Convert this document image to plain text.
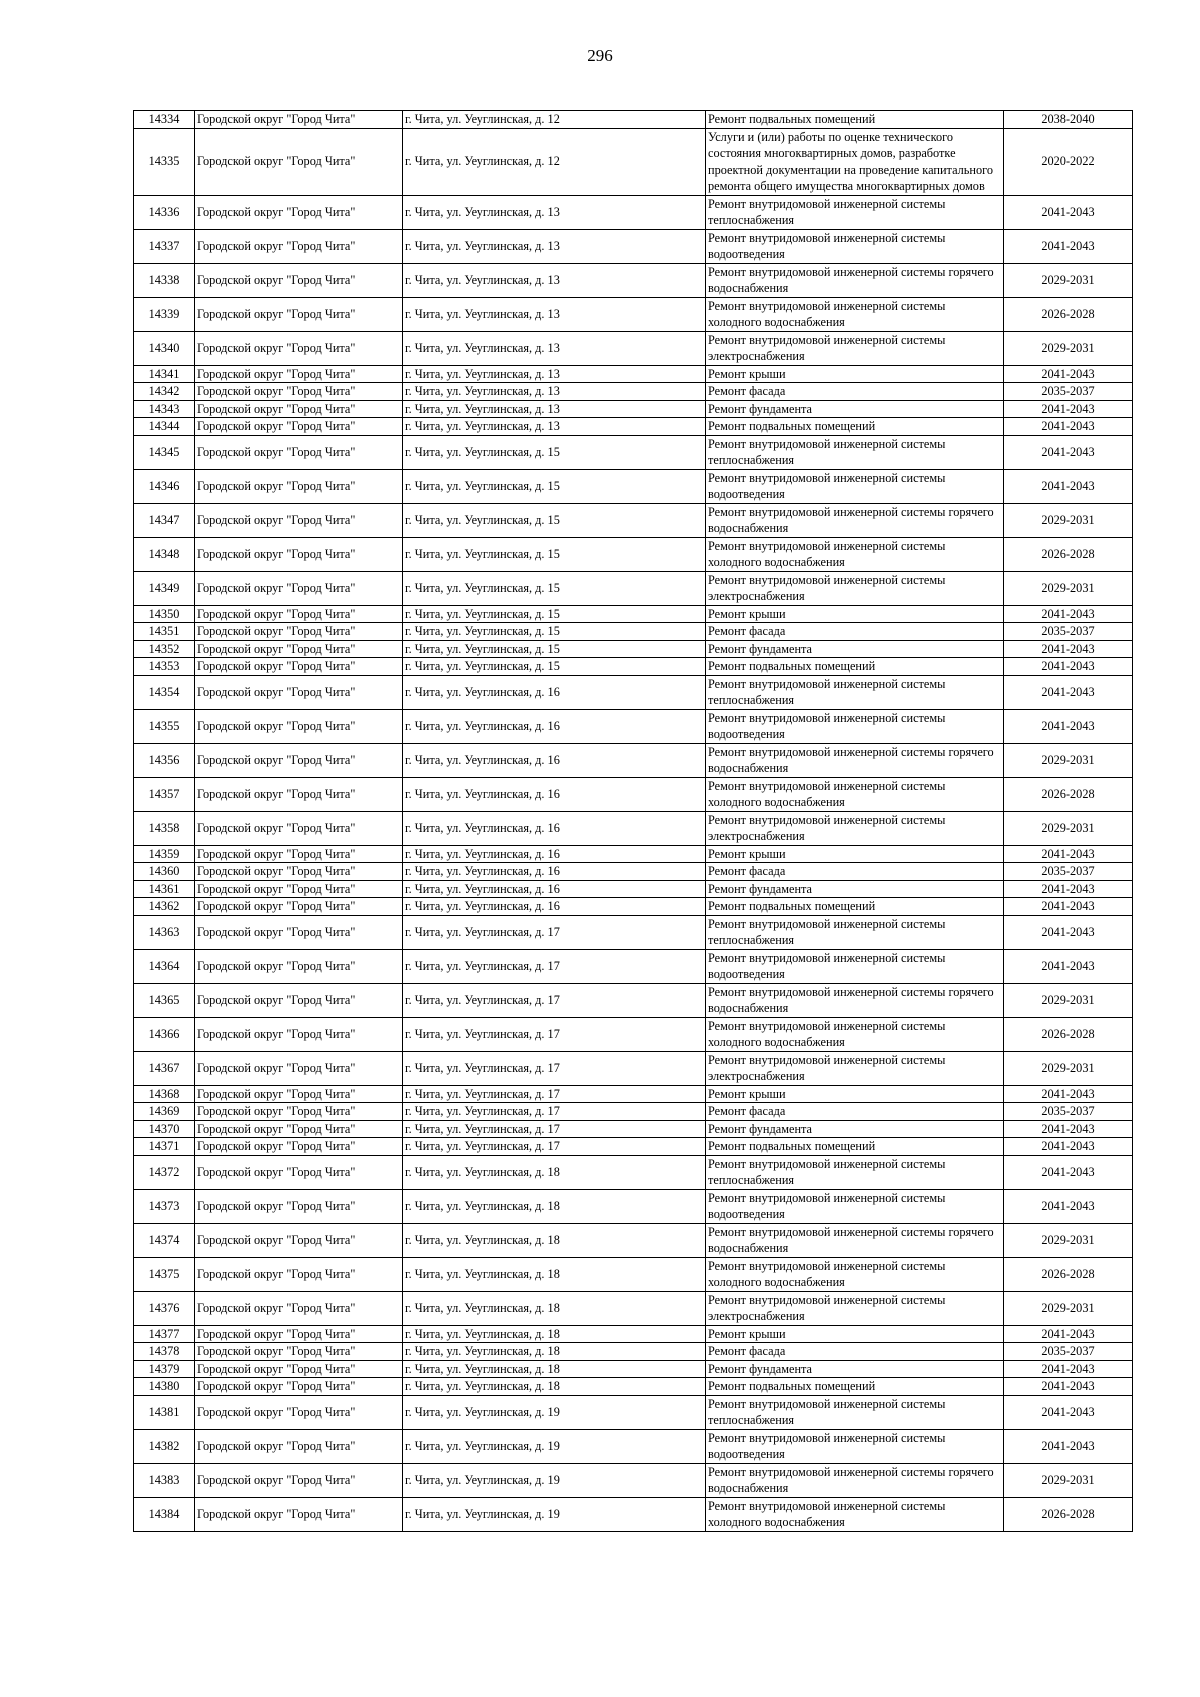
296
14334	Городской округ "Город Чита"	г. Чита, ул. Уеуглинская, д. 12	Ремонт подвальных помещений	2038-2040
14335	Городской округ "Город Чита"	г. Чита, ул. Уеуглинская, д. 12	Услуги и (или) работы по оценке технического состояния многоквартирных домов, разработке проектной документации на проведение капитального ремонта общего имущества многоквартирных домов	2020-2022
14336	Городской округ "Город Чита"	г. Чита, ул. Уеуглинская, д. 13	Ремонт внутридомовой инженерной системы теплоснабжения	2041-2043
14337	Городской округ "Город Чита"	г. Чита, ул. Уеуглинская, д. 13	Ремонт внутридомовой инженерной системы водоотведения	2041-2043
14338	Городской округ "Город Чита"	г. Чита, ул. Уеуглинская, д. 13	Ремонт внутридомовой инженерной системы горячего водоснабжения	2029-2031
14339	Городской округ "Город Чита"	г. Чита, ул. Уеуглинская, д. 13	Ремонт внутридомовой инженерной системы холодного водоснабжения	2026-2028
14340	Городской округ "Город Чита"	г. Чита, ул. Уеуглинская, д. 13	Ремонт внутридомовой инженерной системы электроснабжения	2029-2031
14341	Городской округ "Город Чита"	г. Чита, ул. Уеуглинская, д. 13	Ремонт крыши	2041-2043
14342	Городской округ "Город Чита"	г. Чита, ул. Уеуглинская, д. 13	Ремонт фасада	2035-2037
14343	Городской округ "Город Чита"	г. Чита, ул. Уеуглинская, д. 13	Ремонт фундамента	2041-2043
14344	Городской округ "Город Чита"	г. Чита, ул. Уеуглинская, д. 13	Ремонт подвальных помещений	2041-2043
14345	Городской округ "Город Чита"	г. Чита, ул. Уеуглинская, д. 15	Ремонт внутридомовой инженерной системы теплоснабжения	2041-2043
14346	Городской округ "Город Чита"	г. Чита, ул. Уеуглинская, д. 15	Ремонт внутридомовой инженерной системы водоотведения	2041-2043
14347	Городской округ "Город Чита"	г. Чита, ул. Уеуглинская, д. 15	Ремонт внутридомовой инженерной системы горячего водоснабжения	2029-2031
14348	Городской округ "Город Чита"	г. Чита, ул. Уеуглинская, д. 15	Ремонт внутридомовой инженерной системы холодного водоснабжения	2026-2028
14349	Городской округ "Город Чита"	г. Чита, ул. Уеуглинская, д. 15	Ремонт внутридомовой инженерной системы электроснабжения	2029-2031
14350	Городской округ "Город Чита"	г. Чита, ул. Уеуглинская, д. 15	Ремонт крыши	2041-2043
14351	Городской округ "Город Чита"	г. Чита, ул. Уеуглинская, д. 15	Ремонт фасада	2035-2037
14352	Городской округ "Город Чита"	г. Чита, ул. Уеуглинская, д. 15	Ремонт фундамента	2041-2043
14353	Городской округ "Город Чита"	г. Чита, ул. Уеуглинская, д. 15	Ремонт подвальных помещений	2041-2043
14354	Городской округ "Город Чита"	г. Чита, ул. Уеуглинская, д. 16	Ремонт внутридомовой инженерной системы теплоснабжения	2041-2043
14355	Городской округ "Город Чита"	г. Чита, ул. Уеуглинская, д. 16	Ремонт внутридомовой инженерной системы водоотведения	2041-2043
14356	Городской округ "Город Чита"	г. Чита, ул. Уеуглинская, д. 16	Ремонт внутридомовой инженерной системы горячего водоснабжения	2029-2031
14357	Городской округ "Город Чита"	г. Чита, ул. Уеуглинская, д. 16	Ремонт внутридомовой инженерной системы холодного водоснабжения	2026-2028
14358	Городской округ "Город Чита"	г. Чита, ул. Уеуглинская, д. 16	Ремонт внутридомовой инженерной системы электроснабжения	2029-2031
14359	Городской округ "Город Чита"	г. Чита, ул. Уеуглинская, д. 16	Ремонт крыши	2041-2043
14360	Городской округ "Город Чита"	г. Чита, ул. Уеуглинская, д. 16	Ремонт фасада	2035-2037
14361	Городской округ "Город Чита"	г. Чита, ул. Уеуглинская, д. 16	Ремонт фундамента	2041-2043
14362	Городской округ "Город Чита"	г. Чита, ул. Уеуглинская, д. 16	Ремонт подвальных помещений	2041-2043
14363	Городской округ "Город Чита"	г. Чита, ул. Уеуглинская, д. 17	Ремонт внутридомовой инженерной системы теплоснабжения	2041-2043
14364	Городской округ "Город Чита"	г. Чита, ул. Уеуглинская, д. 17	Ремонт внутридомовой инженерной системы водоотведения	2041-2043
14365	Городской округ "Город Чита"	г. Чита, ул. Уеуглинская, д. 17	Ремонт внутридомовой инженерной системы горячего водоснабжения	2029-2031
14366	Городской округ "Город Чита"	г. Чита, ул. Уеуглинская, д. 17	Ремонт внутридомовой инженерной системы холодного водоснабжения	2026-2028
14367	Городской округ "Город Чита"	г. Чита, ул. Уеуглинская, д. 17	Ремонт внутридомовой инженерной системы электроснабжения	2029-2031
14368	Городской округ "Город Чита"	г. Чита, ул. Уеуглинская, д. 17	Ремонт крыши	2041-2043
14369	Городской округ "Город Чита"	г. Чита, ул. Уеуглинская, д. 17	Ремонт фасада	2035-2037
14370	Городской округ "Город Чита"	г. Чита, ул. Уеуглинская, д. 17	Ремонт фундамента	2041-2043
14371	Городской округ "Город Чита"	г. Чита, ул. Уеуглинская, д. 17	Ремонт подвальных помещений	2041-2043
14372	Городской округ "Город Чита"	г. Чита, ул. Уеуглинская, д. 18	Ремонт внутридомовой инженерной системы теплоснабжения	2041-2043
14373	Городской округ "Город Чита"	г. Чита, ул. Уеуглинская, д. 18	Ремонт внутридомовой инженерной системы водоотведения	2041-2043
14374	Городской округ "Город Чита"	г. Чита, ул. Уеуглинская, д. 18	Ремонт внутридомовой инженерной системы горячего водоснабжения	2029-2031
14375	Городской округ "Город Чита"	г. Чита, ул. Уеуглинская, д. 18	Ремонт внутридомовой инженерной системы холодного водоснабжения	2026-2028
14376	Городской округ "Город Чита"	г. Чита, ул. Уеуглинская, д. 18	Ремонт внутридомовой инженерной системы электроснабжения	2029-2031
14377	Городской округ "Город Чита"	г. Чита, ул. Уеуглинская, д. 18	Ремонт крыши	2041-2043
14378	Городской округ "Город Чита"	г. Чита, ул. Уеуглинская, д. 18	Ремонт фасада	2035-2037
14379	Городской округ "Город Чита"	г. Чита, ул. Уеуглинская, д. 18	Ремонт фундамента	2041-2043
14380	Городской округ "Город Чита"	г. Чита, ул. Уеуглинская, д. 18	Ремонт подвальных помещений	2041-2043
14381	Городской округ "Город Чита"	г. Чита, ул. Уеуглинская, д. 19	Ремонт внутридомовой инженерной системы теплоснабжения	2041-2043
14382	Городской округ "Город Чита"	г. Чита, ул. Уеуглинская, д. 19	Ремонт внутридомовой инженерной системы водоотведения	2041-2043
14383	Городской округ "Город Чита"	г. Чита, ул. Уеуглинская, д. 19	Ремонт внутридомовой инженерной системы горячего водоснабжения	2029-2031
14384	Городской округ "Город Чита"	г. Чита, ул. Уеуглинская, д. 19	Ремонт внутридомовой инженерной системы холодного водоснабжения	2026-2028
